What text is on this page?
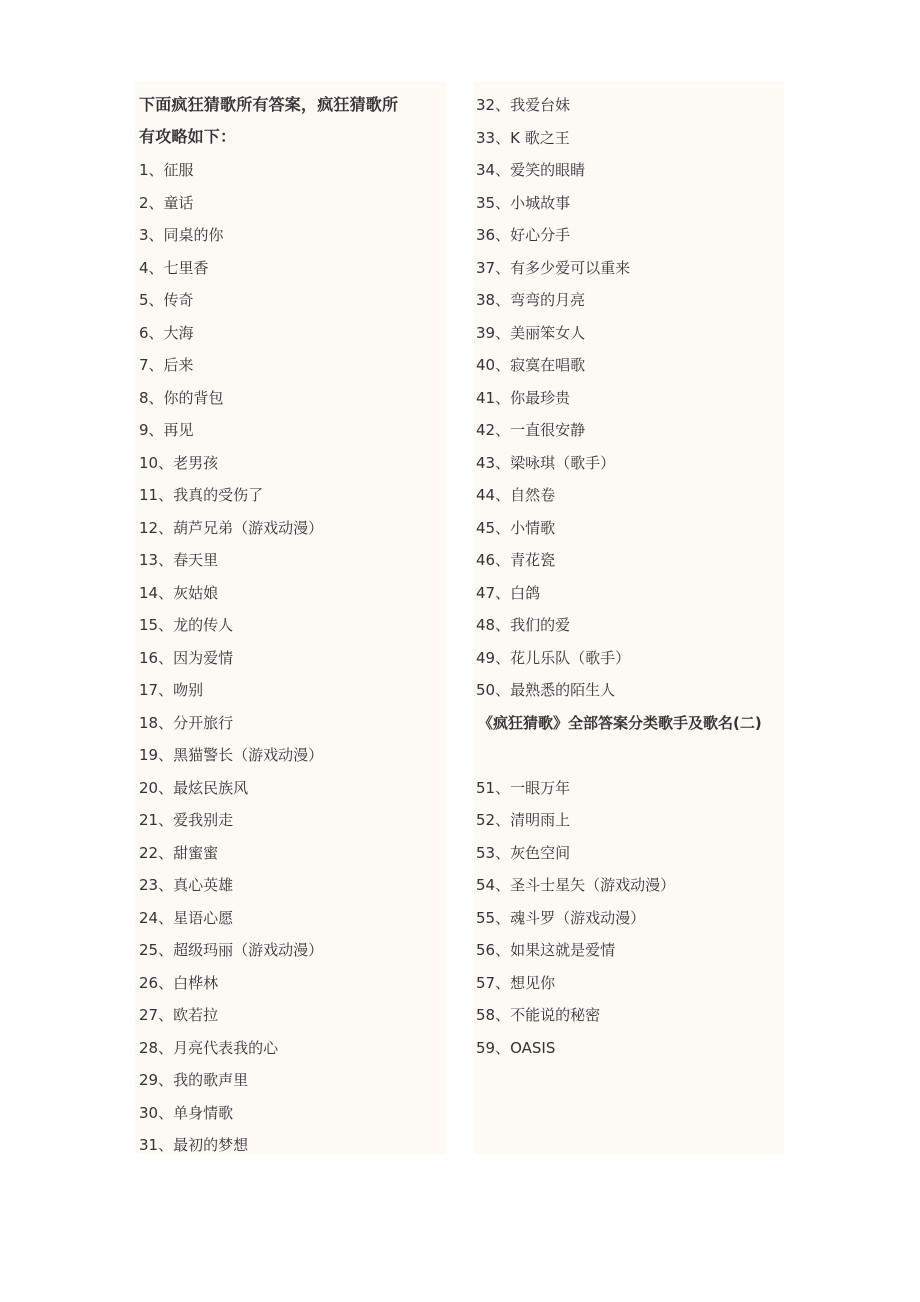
下面疯狂猜歌所有答案，疯狂猜歌所
有攻略如下：
1、征服
2、童话
3、同桌的你
4、七里香
5、传奇
6、大海
7、后来
8、你的背包
9、再见
10、老男孩
11、我真的受伤了
12、葫芦兄弟（游戏动漫）
13、春天里
14、灰姑娘
15、龙的传人
16、因为爱情
17、吻别
18、分开旅行
19、黑猫警长（游戏动漫）
20、最炫民族风
21、爱我别走
22、甜蜜蜜
23、真心英雄
24、星语心愿
25、超级玛丽（游戏动漫）
26、白桦林
27、欧若拉
28、月亮代表我的心
29、我的歌声里
30、单身情歌
31、最初的梦想
32、我爱台妹
33、K 歌之王
34、爱笑的眼睛
35、小城故事
36、好心分手
37、有多少爱可以重来
38、弯弯的月亮
39、美丽笨女人
40、寂寞在唱歌
41、你最珍贵
42、一直很安静
43、梁咏琪（歌手）
44、自然卷
45、小情歌
46、青花瓷
47、白鸽
48、我们的爱
49、花儿乐队（歌手）
50、最熟悉的陌生人
《疯狂猜歌》全部答案分类歌手及歌名(二)
51、一眼万年
52、清明雨上
53、灰色空间
54、圣斗士星矢（游戏动漫）
55、魂斗罗（游戏动漫）
56、如果这就是爱情
57、想见你
58、不能说的秘密
59、OASIS
